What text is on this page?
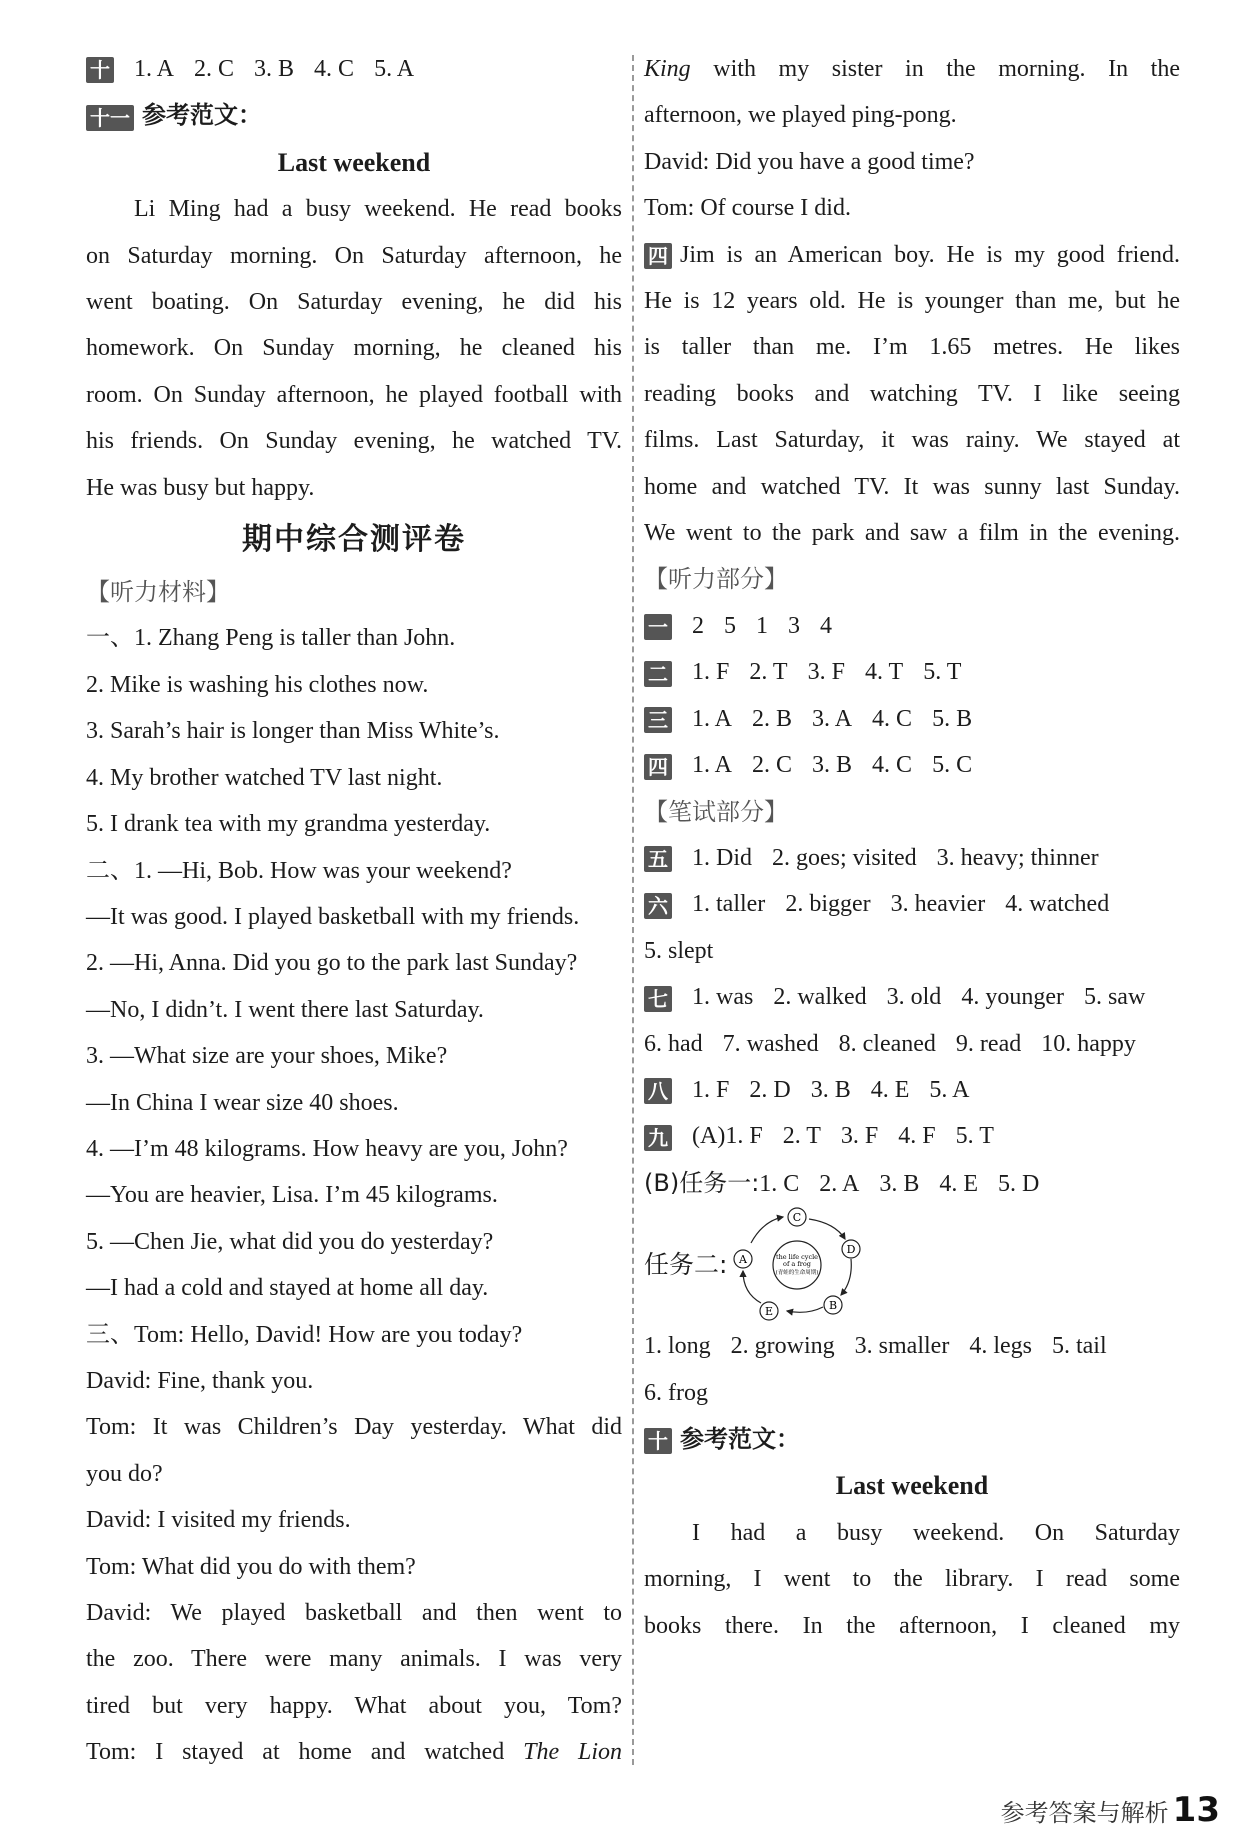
十 1. A 2. C 3. B 4. C 5. A

十一 参考范文：

Last weekend

Li Ming had a busy weekend. He read books

on Saturday morning. On Saturday afternoon, he

went boating. On Saturday evening, he did his

homework. On Sunday morning, he cleaned his

room. On Sunday afternoon, he played football with

his friends. On Sunday evening, he watched TV.

He was busy but happy.

期中综合测评卷

【听力材料】

一、1. Zhang Peng is taller than John.

2. Mike is washing his clothes now.

3. Sarah’s hair is longer than Miss White’s.

4. My brother watched TV last night.

5. I drank tea with my grandma yesterday.

二、1. —Hi, Bob. How was your weekend?

—It was good. I played basketball with my friends.

2. —Hi, Anna. Did you go to the park last Sunday?

—No, I didn’t. I went there last Saturday.

3. —What size are your shoes, Mike?

—In China I wear size 40 shoes.

4. —I’m 48 kilograms. How heavy are you, John?

—You are heavier, Lisa. I’m 45 kilograms.

5. —Chen Jie, what did you do yesterday?

—I had a cold and stayed at home all day.

三、Tom: Hello, David! How are you today?

David: Fine, thank you.

Tom: It was Children’s Day yesterday. What did

you do?

David: I visited my friends.

Tom: What did you do with them?

David: We played basketball and then went to

the zoo. There were many animals. I was very

tired but very happy. What about you, Tom?

Tom: I stayed at home and watched The Lion

King with my sister in the morning. In the

afternoon, we played ping-pong.

David: Did you have a good time?

Tom: Of course I did.

四 Jim is an American boy. He is my good friend.

He is 12 years old. He is younger than me, but he

is taller than me. I’m 1.65 metres. He likes

reading books and watching TV. I like seeing

films. Last Saturday, it was rainy. We stayed at

home and watched TV. It was sunny last Sunday.

We went to the park and saw a film in the evening.

【听力部分】

一 2 5 1 3 4

二 1. F 2. T 3. F 4. T 5. T

三 1. A 2. B 3. A 4. C 5. B

四 1. A 2. C 3. B 4. C 5. C

【笔试部分】

五 1. Did 2. goes; visited 3. heavy; thinner

六 1. taller 2. bigger 3. heavier 4. watched

5. slept

七 1. was 2. walked 3. old 4. younger 5. saw

6. had 7. washed 8. cleaned 9. read 10. happy

八 1. F 2. D 3. B 4. E 5. A

九 (A)1. F 2. T 3. F 4. F 5. T

(B)任务一:1. C 2. A 3. B 4. E 5. D

任务二:	the life cycle
of a frog
(青蛙的生命周期)
C
D
B
E
A

1. long 2. growing 3. smaller 4. legs 5. tail

6. frog

十 参考范文：

Last weekend

I had a busy weekend. On Saturday

morning, I went to the library. I read some

books there. In the afternoon, I cleaned my

参考答案与解析 13
